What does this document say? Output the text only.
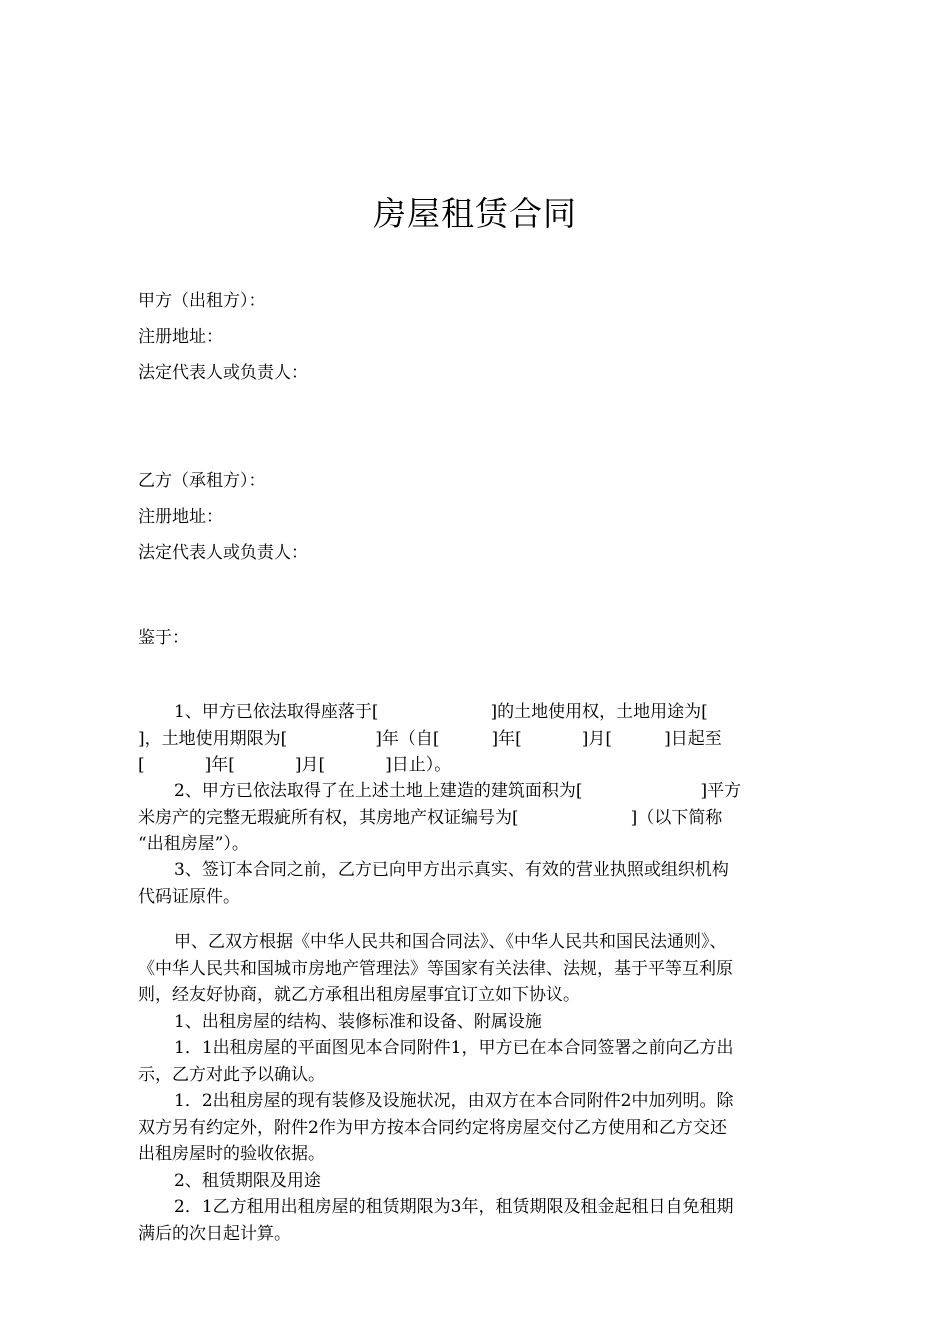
房屋租赁合同
甲方（出租方）：
注册地址：
法定代表人或负责人：
乙方（承租方）：
注册地址：
法定代表人或负责人：
鉴于：
1、甲方已依法取得座落于[	]的土地使用权，土地用途为[
]，土地使用期限为[	]年（自[	]年[	]月[	]日起至
[	]年[	]月[	]日止）。
2、甲方已依法取得了在上述土地上建造的建筑面积为[	]平方
米房产的完整无瑕疵所有权，其房地产权证编号为[	]（以下简称
“出租房屋”）。
3、签订本合同之前，乙方已向甲方出示真实、有效的营业执照或组织机构
代码证原件。
甲、乙双方根据《中华人民共和国合同法》、《中华人民共和国民法通则》、
《中华人民共和国城市房地产管理法》等国家有关法律、法规，基于平等互利原
则，经友好协商，就乙方承租出租房屋事宜订立如下协议。
1、出租房屋的结构、装修标准和设备、附属设施
1．1出租房屋的平面图见本合同附件1，甲方已在本合同签署之前向乙方出
示，乙方对此予以确认。
1．2出租房屋的现有装修及设施状况，由双方在本合同附件2中加列明。除
双方另有约定外，附件2作为甲方按本合同约定将房屋交付乙方使用和乙方交还
出租房屋时的验收依据。
2、租赁期限及用途
2．1乙方租用出租房屋的租赁期限为3年，租赁期限及租金起租日自免租期
满后的次日起计算。
